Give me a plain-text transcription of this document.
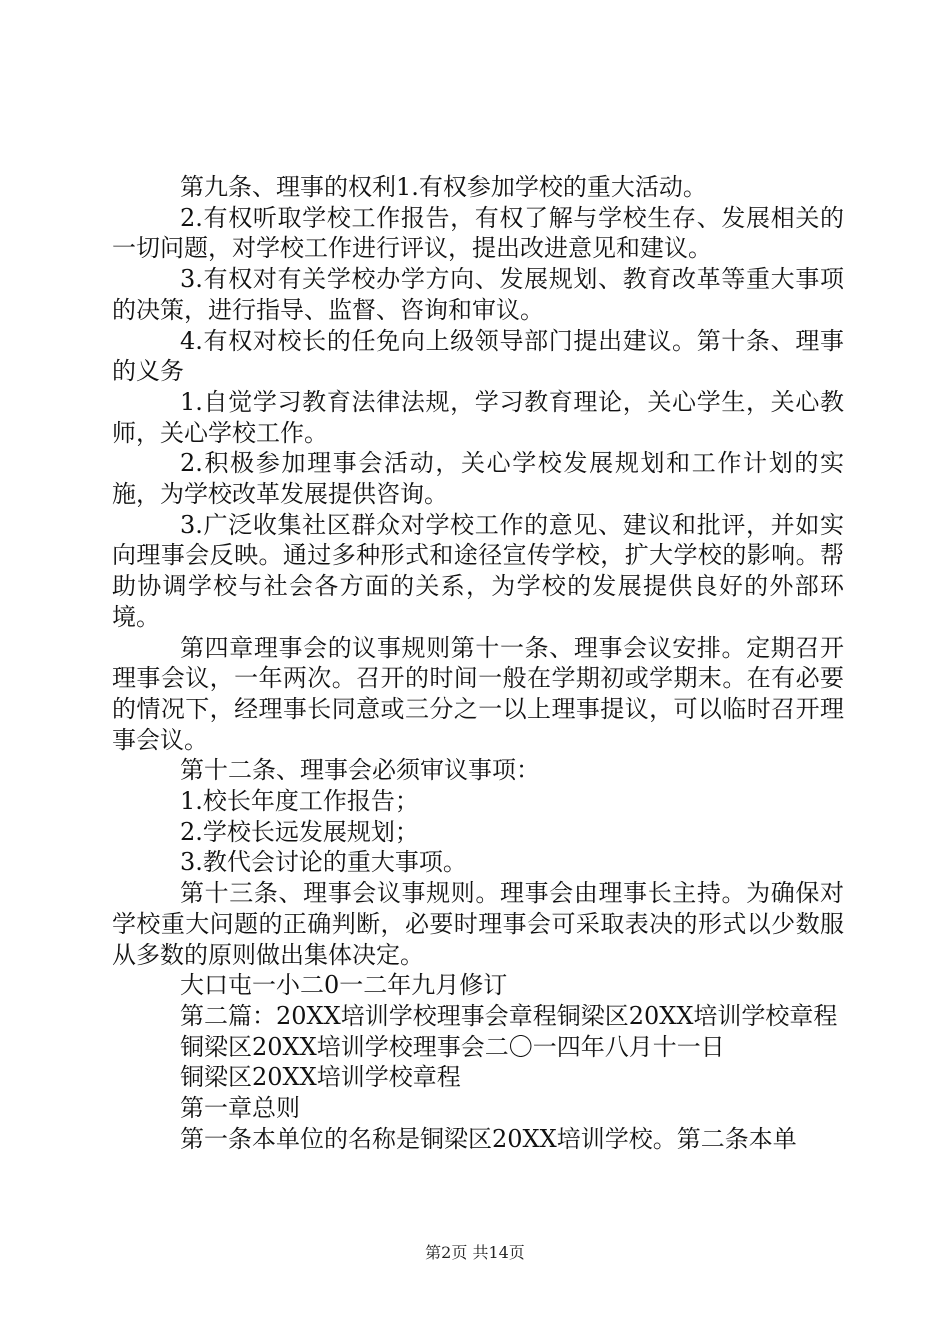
第九条、理事的权利1.有权参加学校的重大活动。

2.有权听取学校工作报告，有权了解与学校生存、发展相关的一切问题，对学校工作进行评议，提出改进意见和建议。

3.有权对有关学校办学方向、发展规划、教育改革等重大事项的决策，进行指导、监督、咨询和审议。

4.有权对校长的任免向上级领导部门提出建议。第十条、理事的义务

1.自觉学习教育法律法规，学习教育理论，关心学生，关心教师，关心学校工作。

2.积极参加理事会活动，关心学校发展规划和工作计划的实施，为学校改革发展提供咨询。

3.广泛收集社区群众对学校工作的意见、建议和批评，并如实向理事会反映。通过多种形式和途径宣传学校，扩大学校的影响。帮助协调学校与社会各方面的关系，为学校的发展提供良好的外部环境。

第四章理事会的议事规则第十一条、理事会议安排。定期召开理事会议，一年两次。召开的时间一般在学期初或学期末。在有必要的情况下，经理事长同意或三分之一以上理事提议，可以临时召开理事会议。

第十二条、理事会必须审议事项：

1.校长年度工作报告；

2.学校长远发展规划；

3.教代会讨论的重大事项。

第十三条、理事会议事规则。理事会由理事长主持。为确保对学校重大问题的正确判断，必要时理事会可采取表决的形式以少数服从多数的原则做出集体决定。

大口屯一小二0一二年九月修订

第二篇：20XX培训学校理事会章程铜梁区20XX培训学校章程

铜梁区20XX培训学校理事会二〇一四年八月十一日

铜梁区20XX培训学校章程

第一章总则

第一条本单位的名称是铜梁区20XX培训学校。第二条本单

第2页 共14页
